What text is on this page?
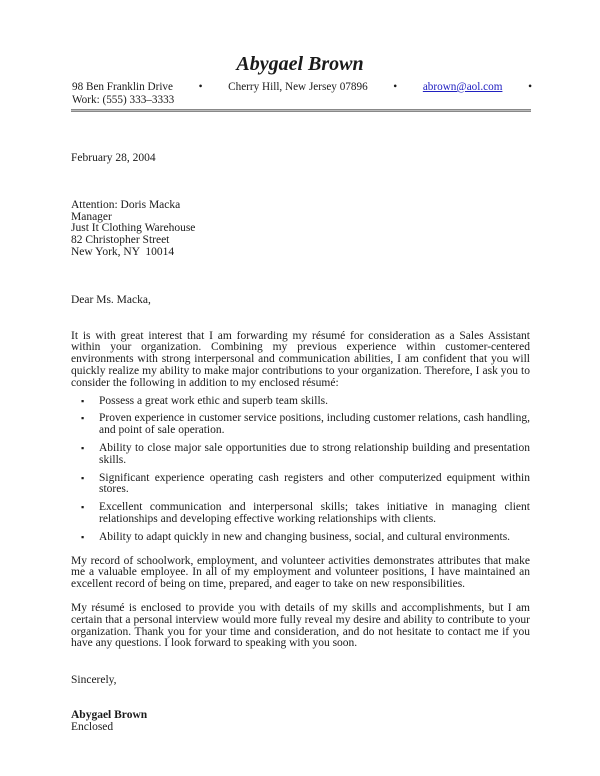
Abygael Brown
98 Ben Franklin Drive • Cherry Hill, New Jersey 07896 • abrown@aol.com •
Work: (555) 333–3333
February 28, 2004
Attention: Doris Macka
Manager
Just It Clothing Warehouse
82 Christopher Street
New York, NY  10014
Dear Ms. Macka,

It is with great interest that I am forwarding my résumé for consideration as a Sales Assistant within your organization. Combining my previous experience within customer-centered environments with strong interpersonal and communication abilities, I am confident that you will quickly realize my ability to make major contributions to your organization. Therefore, I ask you to consider the following in addition to my enclosed résumé:

▪ Possess a great work ethic and superb team skills.
▪ Proven experience in customer service positions, including customer relations, cash handling, and point of sale operation.
▪ Ability to close major sale opportunities due to strong relationship building and presentation skills.
▪ Significant experience operating cash registers and other computerized equipment within stores.
▪ Excellent communication and interpersonal skills; takes initiative in managing client relationships and developing effective working relationships with clients.
▪ Ability to adapt quickly in new and changing business, social, and cultural environments.

My record of schoolwork, employment, and volunteer activities demonstrates attributes that make me a valuable employee. In all of my employment and volunteer positions, I have maintained an excellent record of being on time, prepared, and eager to take on new responsibilities.

My résumé is enclosed to provide you with details of my skills and accomplishments, but I am certain that a personal interview would more fully reveal my desire and ability to contribute to your organization. Thank you for your time and consideration, and do not hesitate to contact me if you have any questions. I look forward to speaking with you soon.

Sincerely,
Abygael Brown
Enclosed
